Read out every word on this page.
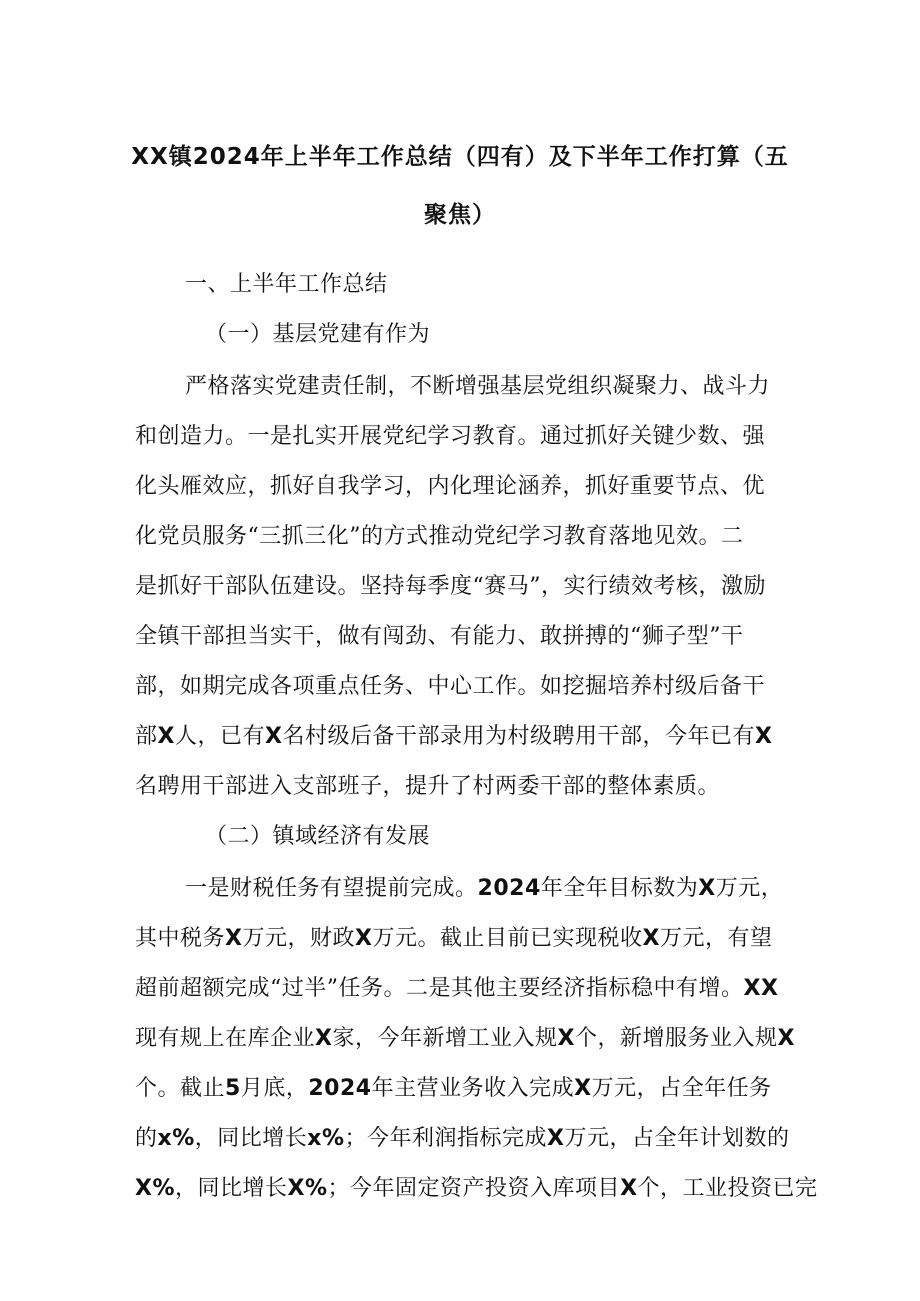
XX镇2024年上半年工作总结（四有）及下半年工作打算（五
聚焦）
一、上半年工作总结
（一）基层党建有作为
严格落实党建责任制，不断增强基层党组织凝聚力、战斗力
和创造力。一是扎实开展党纪学习教育。通过抓好关键少数、强
化头雁效应，抓好自我学习，内化理论涵养，抓好重要节点、优
化党员服务“三抓三化”的方式推动党纪学习教育落地见效。二
是抓好干部队伍建设。坚持每季度“赛马”，实行绩效考核，激励
全镇干部担当实干，做有闯劲、有能力、敢拼搏的“狮子型”干
部，如期完成各项重点任务、中心工作。如挖掘培养村级后备干
部X人，已有X名村级后备干部录用为村级聘用干部，今年已有X
名聘用干部进入支部班子，提升了村两委干部的整体素质。
（二）镇域经济有发展
一是财税任务有望提前完成。2024年全年目标数为X万元，
其中税务X万元，财政X万元。截止目前已实现税收X万元，有望
超前超额完成“过半”任务。二是其他主要经济指标稳中有增。XX
现有规上在库企业X家，今年新增工业入规X个，新增服务业入规X
个。截止5月底，2024年主营业务收入完成X万元，占全年任务
的x%，同比增长x%；今年利润指标完成X万元，占全年计划数的
X%，同比增长X%；今年固定资产投资入库项目X个，工业投资已完
